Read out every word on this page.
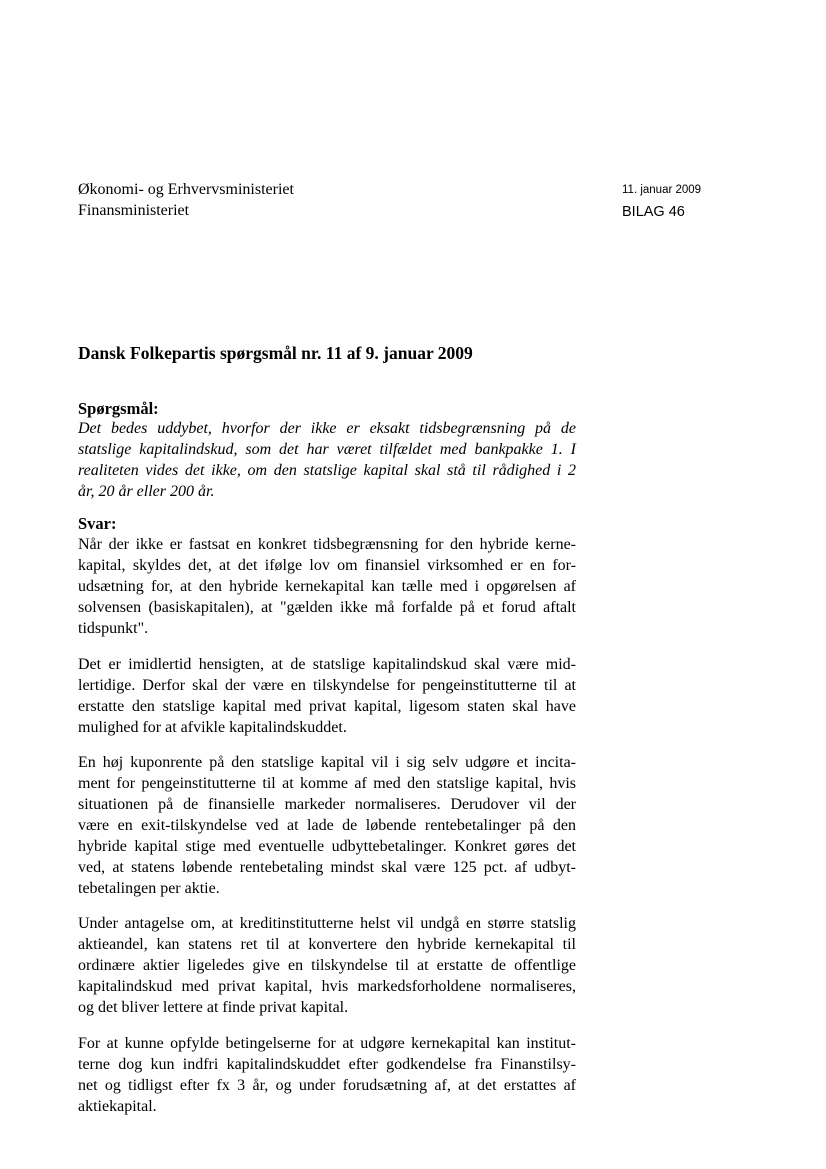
Økonomi- og Erhvervsministeriet

Finansministeriet

11. januar 2009
BILAG 46
Dansk Folkepartis spørgsmål nr. 11 af 9. januar 2009
Spørgsmål:

Det bedes uddybet, hvorfor der ikke er eksakt tidsbegrænsning på de

statslige kapitalindskud, som det har været tilfældet med bankpakke 1. I

realiteten vides det ikke, om den statslige kapital skal stå til rådighed i 2

år, 20 år eller 200 år.

Svar:

Når der ikke er fastsat en konkret tidsbegrænsning for den hybride kerne-

kapital, skyldes det, at det ifølge lov om finansiel virksomhed er en for-

udsætning for, at den hybride kernekapital kan tælle med i opgørelsen af

solvensen (basiskapitalen), at "gælden ikke må forfalde på et forud aftalt

tidspunkt".

Det er imidlertid hensigten, at de statslige kapitalindskud skal være mid-

lertidige. Derfor skal der være en tilskyndelse for pengeinstitutterne til at

erstatte den statslige kapital med privat kapital, ligesom staten skal have

mulighed for at afvikle kapitalindskuddet.

En høj kuponrente på den statslige kapital vil i sig selv udgøre et incita-

ment for pengeinstitutterne til at komme af med den statslige kapital, hvis

situationen på de finansielle markeder normaliseres. Derudover vil der

være en exit-tilskyndelse ved at lade de løbende rentebetalinger på den

hybride kapital stige med eventuelle udbyttebetalinger. Konkret gøres det

ved, at statens løbende rentebetaling mindst skal være 125 pct. af udbyt-

tebetalingen per aktie.

Under antagelse om, at kreditinstitutterne helst vil undgå en større statslig

aktieandel, kan statens ret til at konvertere den hybride kernekapital til

ordinære aktier ligeledes give en tilskyndelse til at erstatte de offentlige

kapitalindskud med privat kapital, hvis markedsforholdene normaliseres,

og det bliver lettere at finde privat kapital.

For at kunne opfylde betingelserne for at udgøre kernekapital kan institut-

terne dog kun indfri kapitalindskuddet efter godkendelse fra Finanstilsy-

net og tidligst efter fx 3 år, og under forudsætning af, at det erstattes af

aktiekapital.
